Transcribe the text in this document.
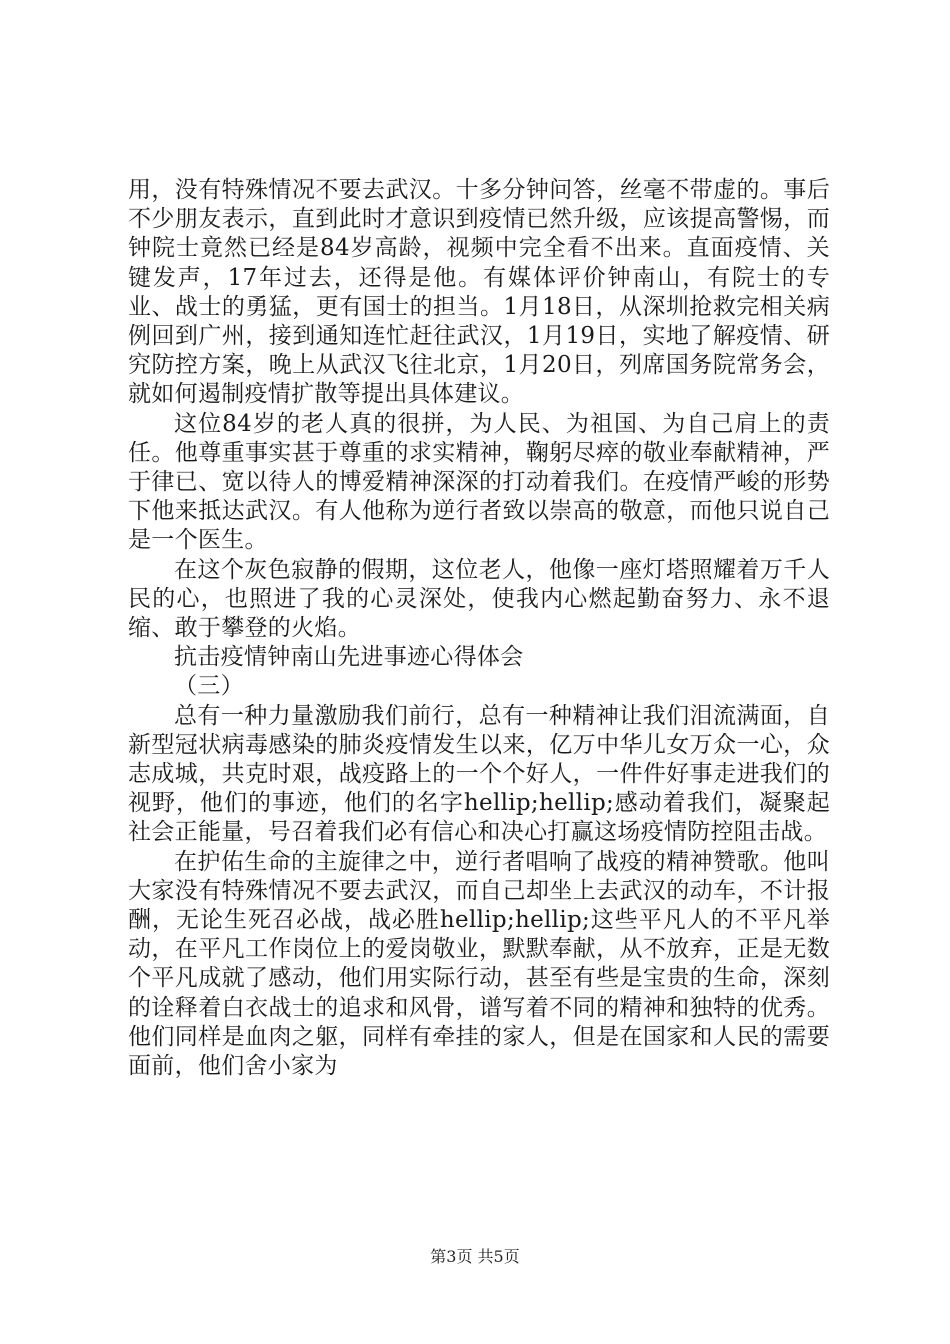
用，没有特殊情况不要去武汉。十多分钟问答，丝毫不带虚的。事后不少朋友表示，直到此时才意识到疫情已然升级，应该提高警惕，而钟院士竟然已经是84岁高龄，视频中完全看不出来。直面疫情、关键发声，17年过去，还得是他。有媒体评价钟南山，有院士的专业、战士的勇猛，更有国士的担当。1月18日，从深圳抢救完相关病例回到广州，接到通知连忙赶往武汉，1月19日，实地了解疫情、研究防控方案，晚上从武汉飞往北京，1月20日，列席国务院常务会，就如何遏制疫情扩散等提出具体建议。

这位84岁的老人真的很拼，为人民、为祖国、为自己肩上的责任。他尊重事实甚于尊重的求实精神，鞠躬尽瘁的敬业奉献精神，严于律已、宽以待人的博爱精神深深的打动着我们。在疫情严峻的形势下他来抵达武汉。有人他称为逆行者致以崇高的敬意，而他只说自己是一个医生。

在这个灰色寂静的假期，这位老人，他像一座灯塔照耀着万千人民的心，也照进了我的心灵深处，使我内心燃起勤奋努力、永不退缩、敢于攀登的火焰。

抗击疫情钟南山先进事迹心得体会

（三）

总有一种力量激励我们前行，总有一种精神让我们泪流满面，自新型冠状病毒感染的肺炎疫情发生以来，亿万中华儿女万众一心，众志成城，共克时艰，战疫路上的一个个好人，一件件好事走进我们的视野，他们的事迹，他们的名字hellip;hellip;感动着我们，凝聚起社会正能量，号召着我们必有信心和决心打赢这场疫情防控阻击战。

在护佑生命的主旋律之中，逆行者唱响了战疫的精神赞歌。他叫大家没有特殊情况不要去武汉，而自己却坐上去武汉的动车，不计报酬，无论生死召必战，战必胜hellip;hellip;这些平凡人的不平凡举动，在平凡工作岗位上的爱岗敬业，默默奉献，从不放弃，正是无数个平凡成就了感动，他们用实际行动，甚至有些是宝贵的生命，深刻的诠释着白衣战士的追求和风骨，谱写着不同的精神和独特的优秀。他们同样是血肉之躯，同样有牵挂的家人，但是在国家和人民的需要面前，他们舍小家为

第3页 共5页
